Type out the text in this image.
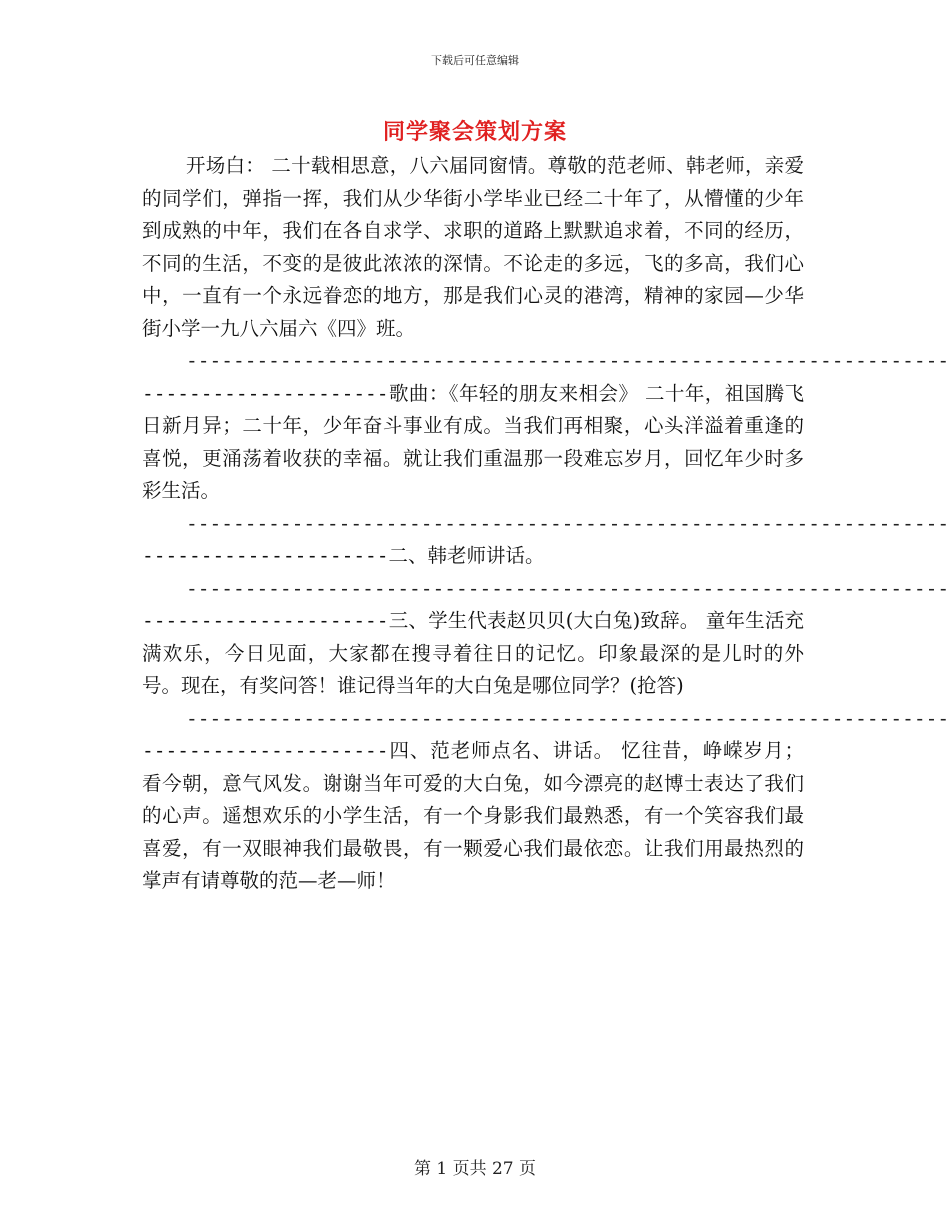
下载后可任意编辑
同学聚会策划方案

开场白： 二十载相思意，八六届同窗情。尊敬的范老师、韩老师，亲爱的同学们，弹指一挥，我们从少华街小学毕业已经二十年了，从懵懂的少年到成熟的中年，我们在各自求学、求职的道路上默默追求着，不同的经历，不同的生活，不变的是彼此浓浓的深情。不论走的多远，飞的多高，我们心中，一直有一个永远眷恋的地方，那是我们心灵的港湾，精神的家园—少华街小学一九八六届六《四》班。

-----------------------------------------------------------------
---------------------歌曲：《年轻的朋友来相会》 二十年，祖国腾飞日新月异；二十年，少年奋斗事业有成。当我们再相聚，心头洋溢着重逢的喜悦，更涌荡着收获的幸福。就让我们重温那一段难忘岁月，回忆年少时多彩生活。

-----------------------------------------------------------------
---------------------二、韩老师讲话。

-----------------------------------------------------------------
---------------------三、学生代表赵贝贝(大白兔)致辞。 童年生活充满欢乐，今日见面，大家都在搜寻着往日的记忆。印象最深的是儿时的外号。现在，有奖问答！谁记得当年的大白兔是哪位同学？(抢答)

-----------------------------------------------------------------
---------------------四、范老师点名、讲话。 忆往昔，峥嵘岁月；看今朝，意气风发。谢谢当年可爱的大白兔，如今漂亮的赵博士表达了我们的心声。遥想欢乐的小学生活，有一个身影我们最熟悉，有一个笑容我们最喜爱，有一双眼神我们最敬畏，有一颗爱心我们最依恋。让我们用最热烈的掌声有请尊敬的范—老—师！

第 1 页共 27 页
